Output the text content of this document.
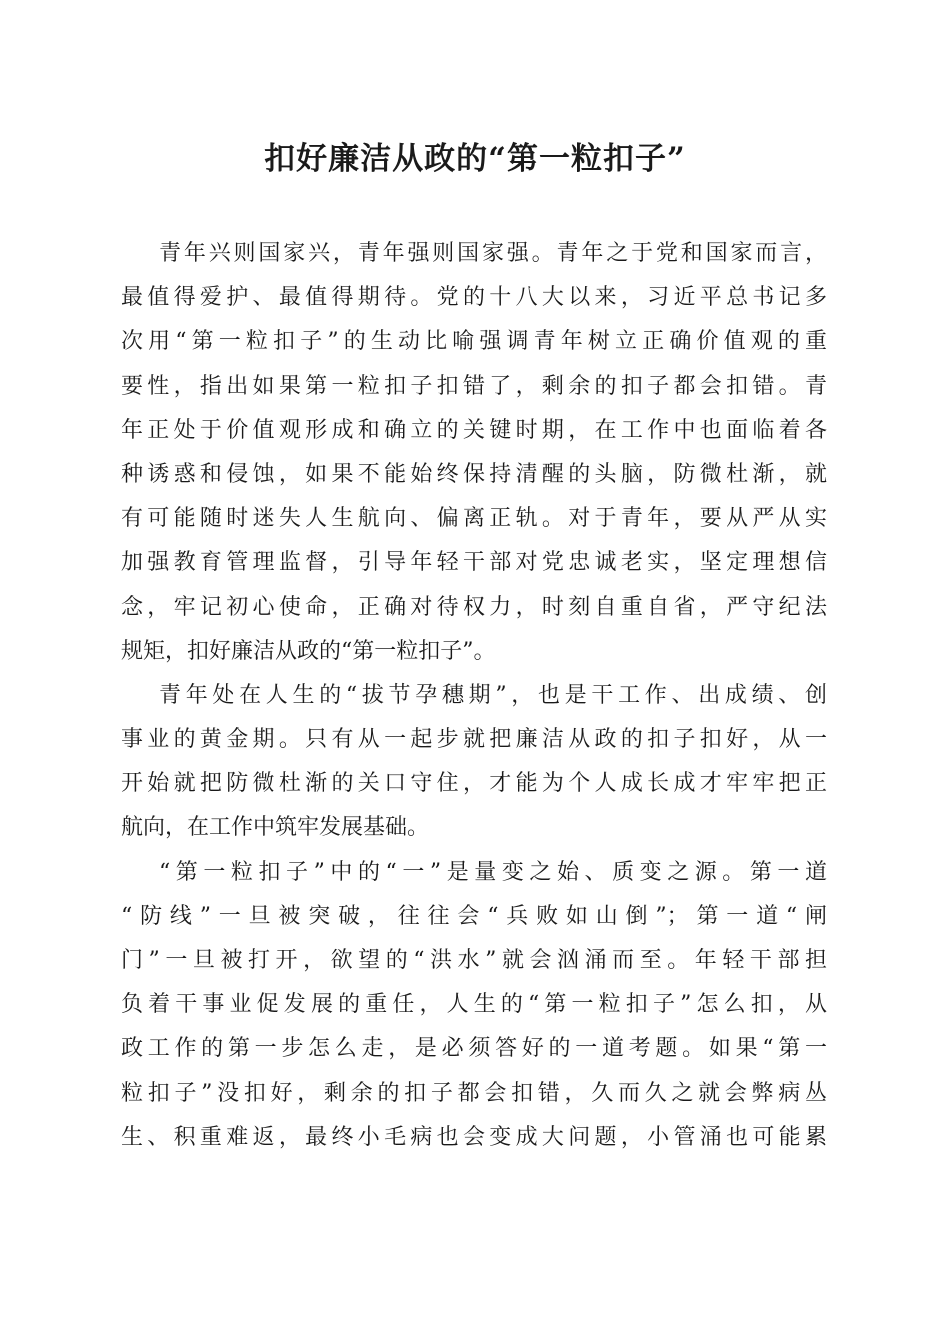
扣好廉洁从政的“第一粒扣子”

青年兴则国家兴，青年强则国家强。青年之于党和国家而言，
最值得爱护、最值得期待。党的十八大以来，习近平总书记多
次用“第一粒扣子”的生动比喻强调青年树立正确价值观的重
要性，指出如果第一粒扣子扣错了，剩余的扣子都会扣错。青
年正处于价值观形成和确立的关键时期，在工作中也面临着各
种诱惑和侵蚀，如果不能始终保持清醒的头脑，防微杜渐，就
有可能随时迷失人生航向、偏离正轨。对于青年，要从严从实
加强教育管理监督，引导年轻干部对党忠诚老实，坚定理想信
念，牢记初心使命，正确对待权力，时刻自重自省，严守纪法
规矩，扣好廉洁从政的“第一粒扣子”。

青年处在人生的“拔节孕穗期”，也是干工作、出成绩、创
事业的黄金期。只有从一起步就把廉洁从政的扣子扣好，从一
开始就把防微杜渐的关口守住，才能为个人成长成才牢牢把正
航向，在工作中筑牢发展基础。

“第一粒扣子”中的“一”是量变之始、质变之源。第一道
“防线”一旦被突破，往往会“兵败如山倒”；第一道“闸
门”一旦被打开，欲望的“洪水”就会汹涌而至。年轻干部担
负着干事业促发展的重任，人生的“第一粒扣子”怎么扣，从
政工作的第一步怎么走，是必须答好的一道考题。如果“第一
粒扣子”没扣好，剩余的扣子都会扣错，久而久之就会弊病丛
生、积重难返，最终小毛病也会变成大问题，小管涌也可能累
